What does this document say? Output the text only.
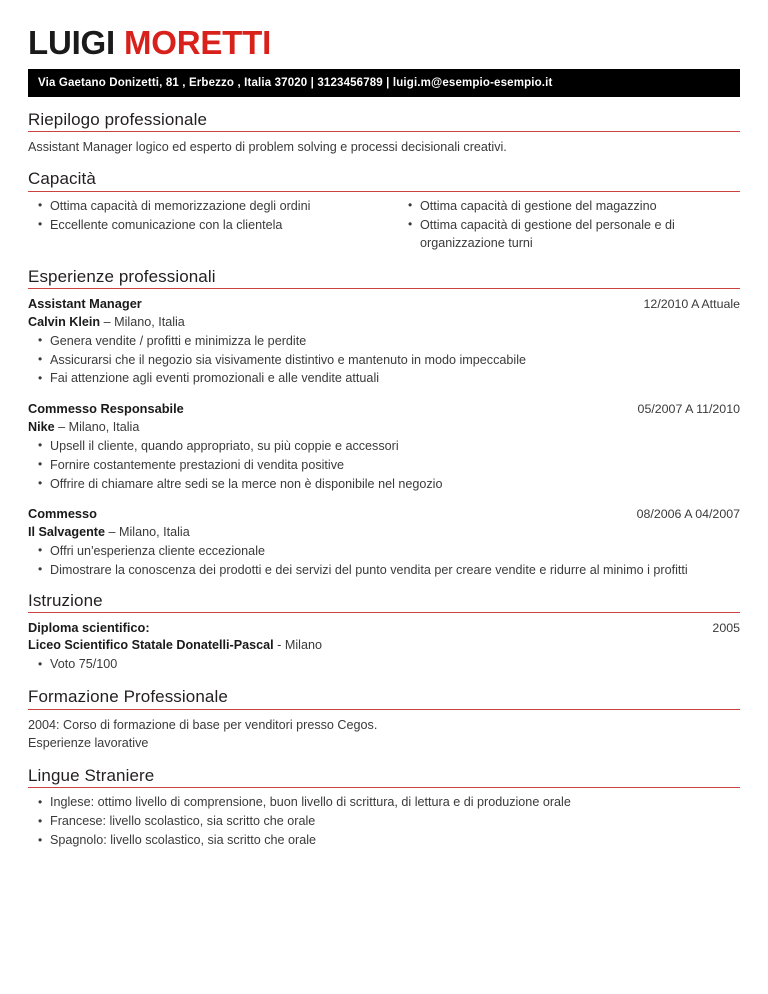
LUIGI MORETTI
Via Gaetano Donizetti, 81 , Erbezzo , Italia 37020 | 3123456789 | luigi.m@esempio-esempio.it
Riepilogo professionale
Assistant Manager logico ed esperto di problem solving e processi decisionali creativi.
Capacità
• Ottima capacità di memorizzazione degli ordini
• Eccellente comunicazione con la clientela
• Ottima capacità di gestione del magazzino
• Ottima capacità di gestione del personale e di organizzazione turni
Esperienze professionali
Assistant Manager	12/2010 A Attuale
Calvin Klein – Milano, Italia
• Genera vendite / profitti e minimizza le perdite
• Assicurarsi che il negozio sia visivamente distintivo e mantenuto in modo impeccabile
• Fai attenzione agli eventi promozionali e alle vendite attuali
Commesso Responsabile	05/2007 A 11/2010
Nike – Milano, Italia
• Upsell il cliente, quando appropriato, su più coppie e accessori
• Fornire costantemente prestazioni di vendita positive
• Offrire di chiamare altre sedi se la merce non è disponibile nel negozio
Commesso	08/2006 A 04/2007
Il Salvagente – Milano, Italia
• Offri un'esperienza cliente eccezionale
• Dimostrare la conoscenza dei prodotti e dei servizi del punto vendita per creare vendite e ridurre al minimo i profitti
Istruzione
Diploma scientifico:	2005
Liceo Scientifico Statale Donatelli-Pascal - Milano
• Voto 75/100
Formazione Professionale
2004: Corso di formazione di base per venditori presso Cegos.
Esperienze lavorative
Lingue Straniere
• Inglese: ottimo livello di comprensione, buon livello di scrittura, di lettura e di produzione orale
• Francese: livello scolastico, sia scritto che orale
• Spagnolo: livello scolastico, sia scritto che orale
